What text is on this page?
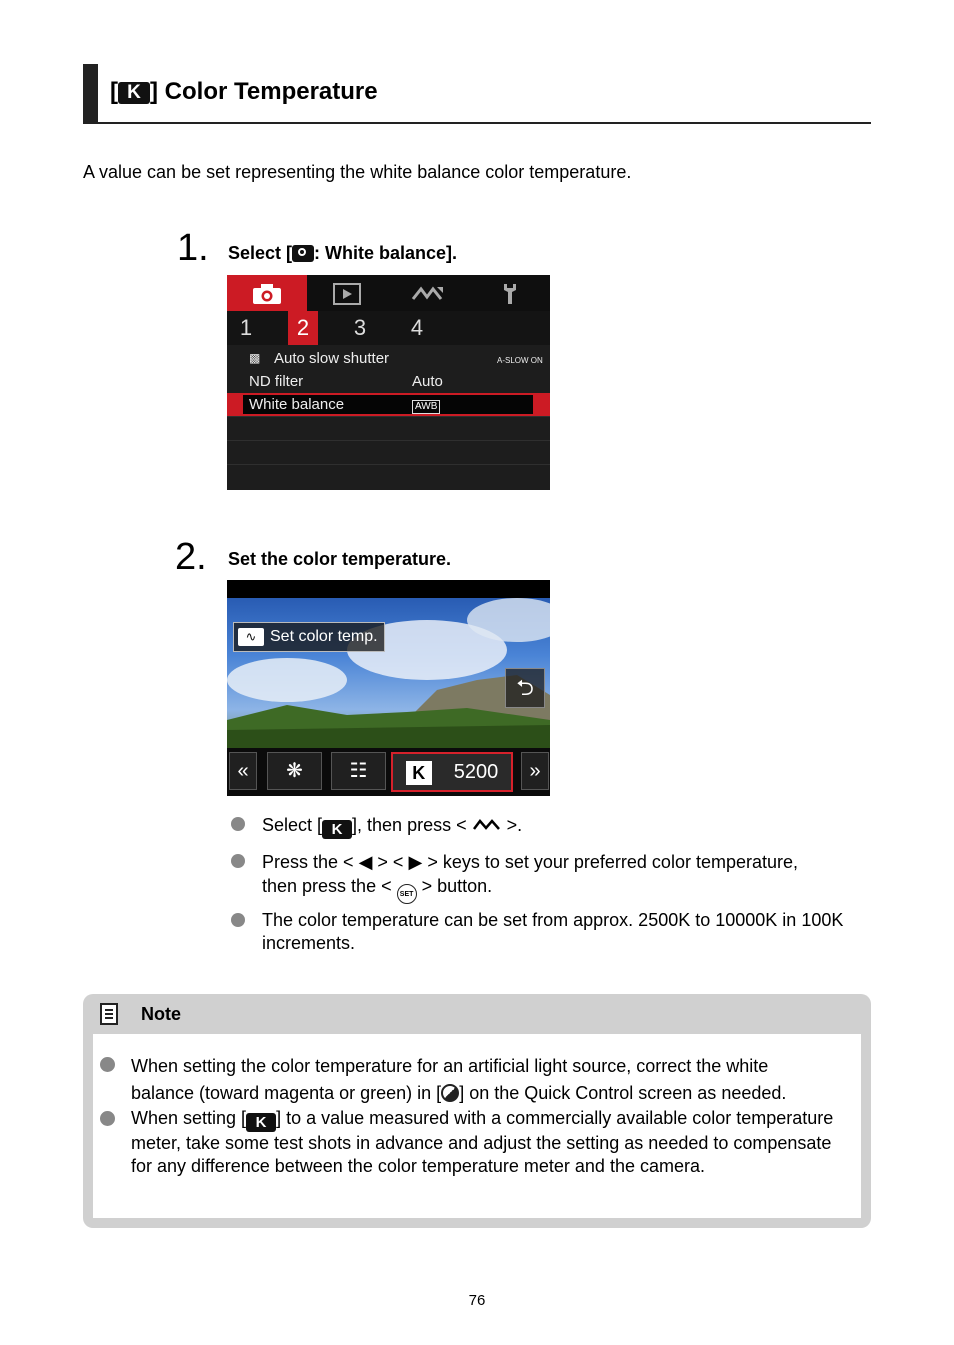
[ K ] Color Temperature
A value can be set representing the white balance color temperature.
1. Select [ : White balance].
1	2	3	4
▩ Auto slow shutter	A-SLOW ON
ND filter	Auto
White balance	AWB
2. Set the color temperature.
∿ Set color temp.
⮌
«	❋	☷	K 5200	»
Select [ K ], then press < >.
Press the < ◀ > < ▶ > keys to set your preferred color temperature,
then press the < SET > button.
The color temperature can be set from approx. 2500K to 10000K in 100K increments.
Note
When setting the color temperature for an artificial light source, correct the white
balance (toward magenta or green) in [ ] on the Quick Control screen as needed.
When setting [ K ] to a value measured with a commercially available color temperature meter, take some test shots in advance and adjust the setting as needed to compensate for any difference between the color temperature meter and the camera.
76
